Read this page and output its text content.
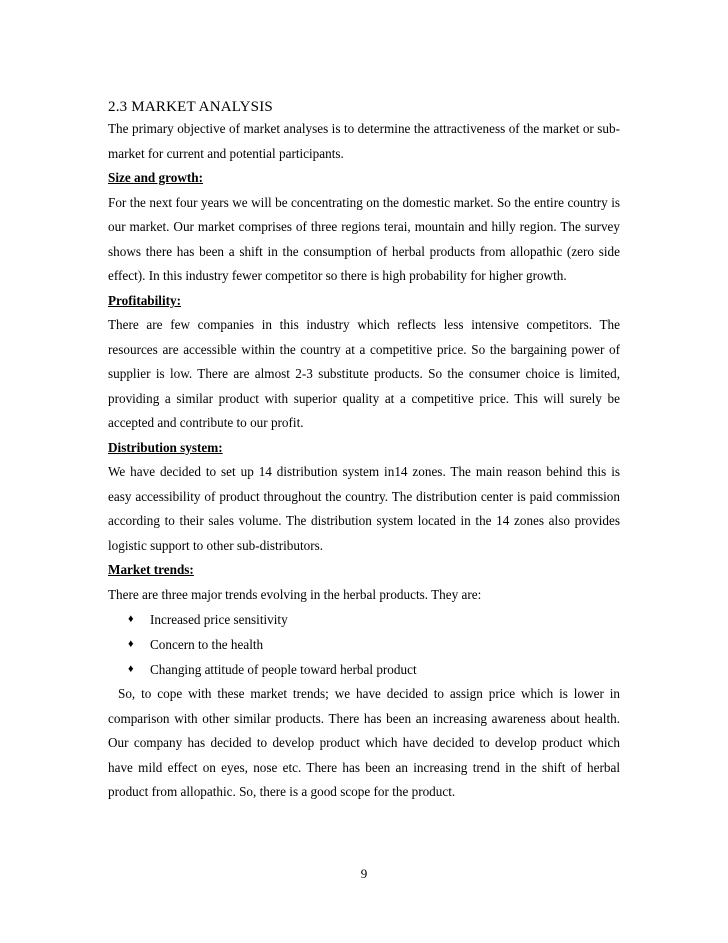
2.3 MARKET ANALYSIS

The primary objective of market analyses is to determine the attractiveness of the market or sub- market for current and potential participants.

Size and growth:

For the next four years we will be concentrating on the domestic market. So the entire country is our market. Our market comprises of three regions terai, mountain and hilly region. The survey shows there has been a shift in the consumption of herbal products from allopathic (zero side effect). In this industry fewer competitor so there is high probability for higher growth.

Profitability:

There are few companies in this industry which reflects less intensive competitors. The resources are accessible within the country at a competitive price. So the bargaining power of supplier is low. There are almost 2-3 substitute products. So the consumer choice is limited, providing a similar product with superior quality at a competitive price. This will surely be accepted and contribute to our profit.

Distribution system:

We have decided to set up 14 distribution system in14 zones. The main reason behind this is easy accessibility of product throughout the country. The distribution center is paid commission according to their sales volume. The distribution system located in the 14 zones also provides logistic support to other sub-distributors.

Market trends:

There are three major trends evolving in the herbal products. They are:

♦	Increased price sensitivity
♦	Concern to the health
♦	Changing attitude of people toward herbal product

So, to cope with these market trends; we have decided to assign price which is lower in comparison with other similar products. There has been an increasing awareness about health. Our company has decided to develop product which have decided to develop product which have mild effect on eyes, nose etc. There has been an increasing trend in the shift of herbal product from allopathic. So, there is a good scope for the product.

9
